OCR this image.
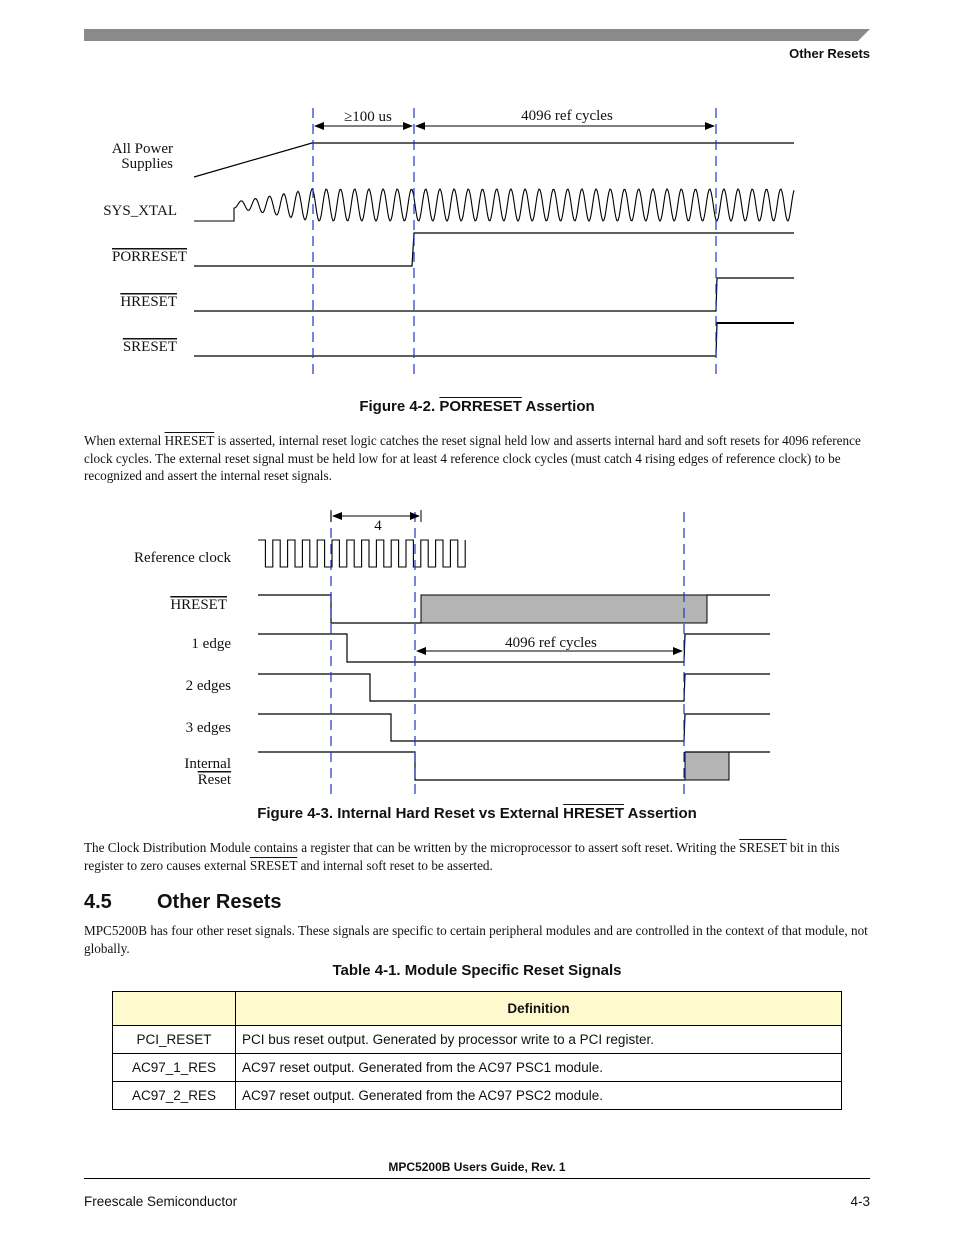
Other Resets
All Power
Supplies
SYS_XTAL
PORRESET
HRESET
SRESET
≥100 us	4096 ref cycles
Figure 4-2. PORRESET Assertion
When external HRESET is asserted, internal reset logic catches the reset signal held low and asserts internal hard and soft resets for 4096 reference clock cycles. The external reset signal must be held low for at least 4 reference clock cycles (must catch 4 rising edges of reference clock) to be recognized and assert the internal reset signals.
Reference clock
HRESET
1 edge
2 edges
3 edges
Internal
Reset
4
4096 ref cycles
Figure 4-3. Internal Hard Reset vs External HRESET Assertion
The Clock Distribution Module contains a register that can be written by the microprocessor to assert soft reset. Writing the SRESET bit in this register to zero causes external SRESET and internal soft reset to be asserted.
4.5 Other Resets
MPC5200B has four other reset signals. These signals are specific to certain peripheral modules and are controlled in the context of that module, not globally.
Table 4-1. Module Specific Reset Signals
	Definition
PCI_RESET	PCI bus reset output. Generated by processor write to a PCI register.
AC97_1_RES	AC97 reset output. Generated from the AC97 PSC1 module.
AC97_2_RES	AC97 reset output. Generated from the AC97 PSC2 module.
MPC5200B Users Guide, Rev. 1
Freescale Semiconductor	4-3
